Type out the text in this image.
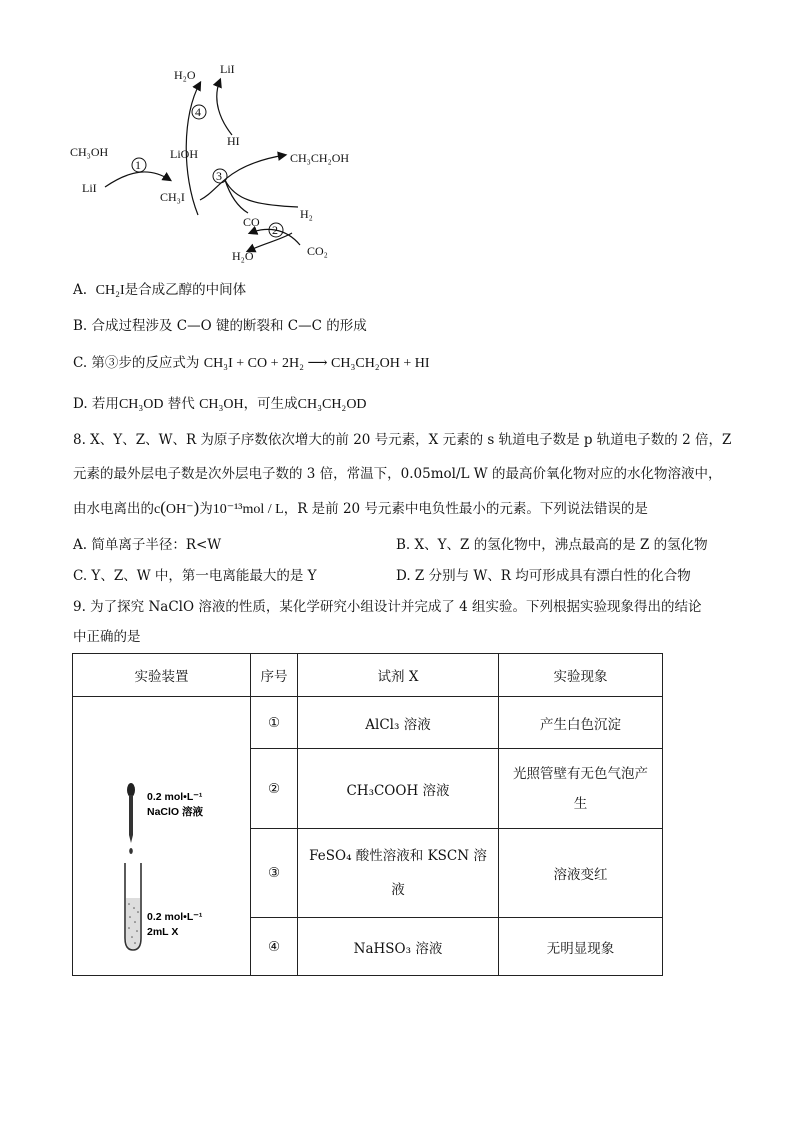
H₂O LiI
4
HI
CH₃OH
1
LiOH
LiI
CH₃I
3
CH₃CH₂OH
CO
H₂
2
H₂O	CO₂
A. CH₂I是合成乙醇的中间体
B. 合成过程涉及 C—O 键的断裂和 C—C 的形成
C. 第③步的反应式为 CH₃I + CO + 2H₂ ⟶ CH₃CH₂OH + HI
D. 若用CH₃OD 替代 CH₃OH，可生成CH₃CH₂OD
8. X、Y、Z、W、R 为原子序数依次增大的前 20 号元素，X 元素的 s 轨道电子数是 p 轨道电子数的 2 倍，Z
元素的最外层电子数是次外层电子数的 3 倍，常温下，0.05mol/L W 的最高价氧化物对应的水化物溶液中，
由水电离出的c(OH⁻)为10⁻¹³mol / L，R 是前 20 号元素中电负性最小的元素。下列说法错误的是
A. 简单离子半径：R<W	B. X、Y、Z 的氢化物中，沸点最高的是 Z 的氢化物
C. Y、Z、W 中，第一电离能最大的是 Y	D. Z 分别与 W、R 均可形成具有漂白性的化合物
9. 为了探究 NaClO 溶液的性质，某化学研究小组设计并完成了 4 组实验。下列根据实验现象得出的结论
中正确的是
实验装置	序号	试剂 X	实验现象

0.2 mol•L⁻¹
NaClO 溶液
0.2 mol•L⁻¹
2mL X	①	AlCl₃ 溶液	产生白色沉淀
	②	CH₃COOH 溶液	光照管壁有无色气泡产
生

	③	FeSO₄ 酸性溶液和 KSCN 溶
液	溶液变红
	④	NaHSO₃ 溶液	无明显现象
